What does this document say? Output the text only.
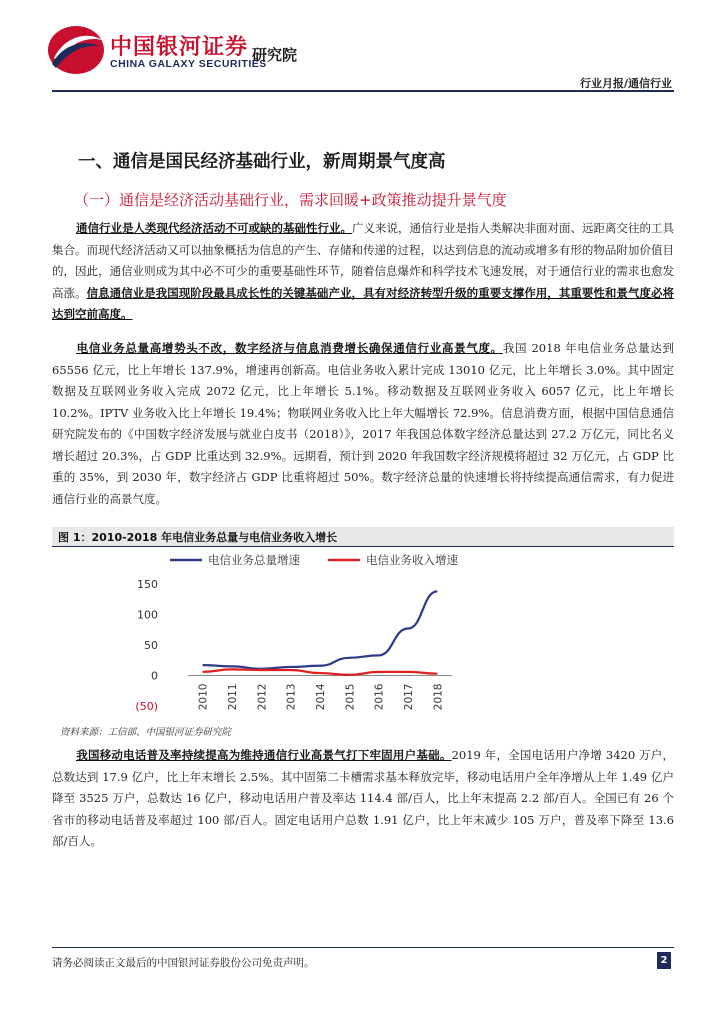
中国银河证券
CHINA GALAXY SECURITIES
研究院
行业月报/通信行业
一、通信是国民经济基础行业，新周期景气度高
（一）通信是经济活动基础行业，需求回暖+政策推动提升景气度
通信行业是人类现代经济活动不可或缺的基础性行业。广义来说，通信行业是指人类解决非面对面、远距离交往的工具集合。而现代经济活动又可以抽象概括为信息的产生、存储和传递的过程，以达到信息的流动或增多有形的物品附加价值目的，因此，通信业则成为其中必不可少的重要基础性环节，随着信息爆炸和科学技术飞速发展，对于通信行业的需求也愈发高涨。信息通信业是我国现阶段最具成长性的关键基础产业，具有对经济转型升级的重要支撑作用，其重要性和景气度必将达到空前高度。
电信业务总量高增势头不改，数字经济与信息消费增长确保通信行业高景气度。我国 2018 年电信业务总量达到 65556 亿元，比上年增长 137.9%，增速再创新高。电信业务收入累计完成 13010 亿元，比上年增长 3.0%。其中固定数据及互联网业务收入完成 2072 亿元，比上年增长 5.1%。移动数据及互联网业务收入 6057 亿元，比上年增长 10.2%。IPTV 业务收入比上年增长 19.4%；物联网业务收入比上年大幅增长 72.9%。信息消费方面，根据中国信息通信研究院发布的《中国数字经济发展与就业白皮书（2018）》，2017 年我国总体数字经济总量达到 27.2 万亿元，同比名义增长超过 20.3%，占 GDP 比重达到 32.9%。远期看，预计到 2020 年我国数字经济规模将超过 32 万亿元，占 GDP 比重的 35%，到 2030 年，数字经济占 GDP 比重将超过 50%。数字经济总量的快速增长将持续提高通信需求，有力促进通信行业的高景气度。
图 1：2010-2018 年电信业务总量与电信业务收入增长
电信业务总量增速	电信业务收入增速
(50)
0
50
100
150
2010 2011 2012 2013 2014 2015 2016 2017 2018
资料来源：工信部、中国银河证券研究院
我国移动电话普及率持续提高为维持通信行业高景气打下牢固用户基础。2019 年，全国电话用户净增 3420 万户，总数达到 17.9 亿户，比上年末增长 2.5%。其中固第二卡槽需求基本释放完毕，移动电话用户全年净增从上年 1.49 亿户降至 3525 万户，总数达 16 亿户，移动电话用户普及率达 114.4 部/百人，比上年末提高 2.2 部/百人。全国已有 26 个省市的移动电话普及率超过 100 部/百人。固定电话用户总数 1.91 亿户，比上年末减少 105 万户，普及率下降至 13.6 部/百人。
请务必阅读正文最后的中国银河证券股份公司免责声明。	2
